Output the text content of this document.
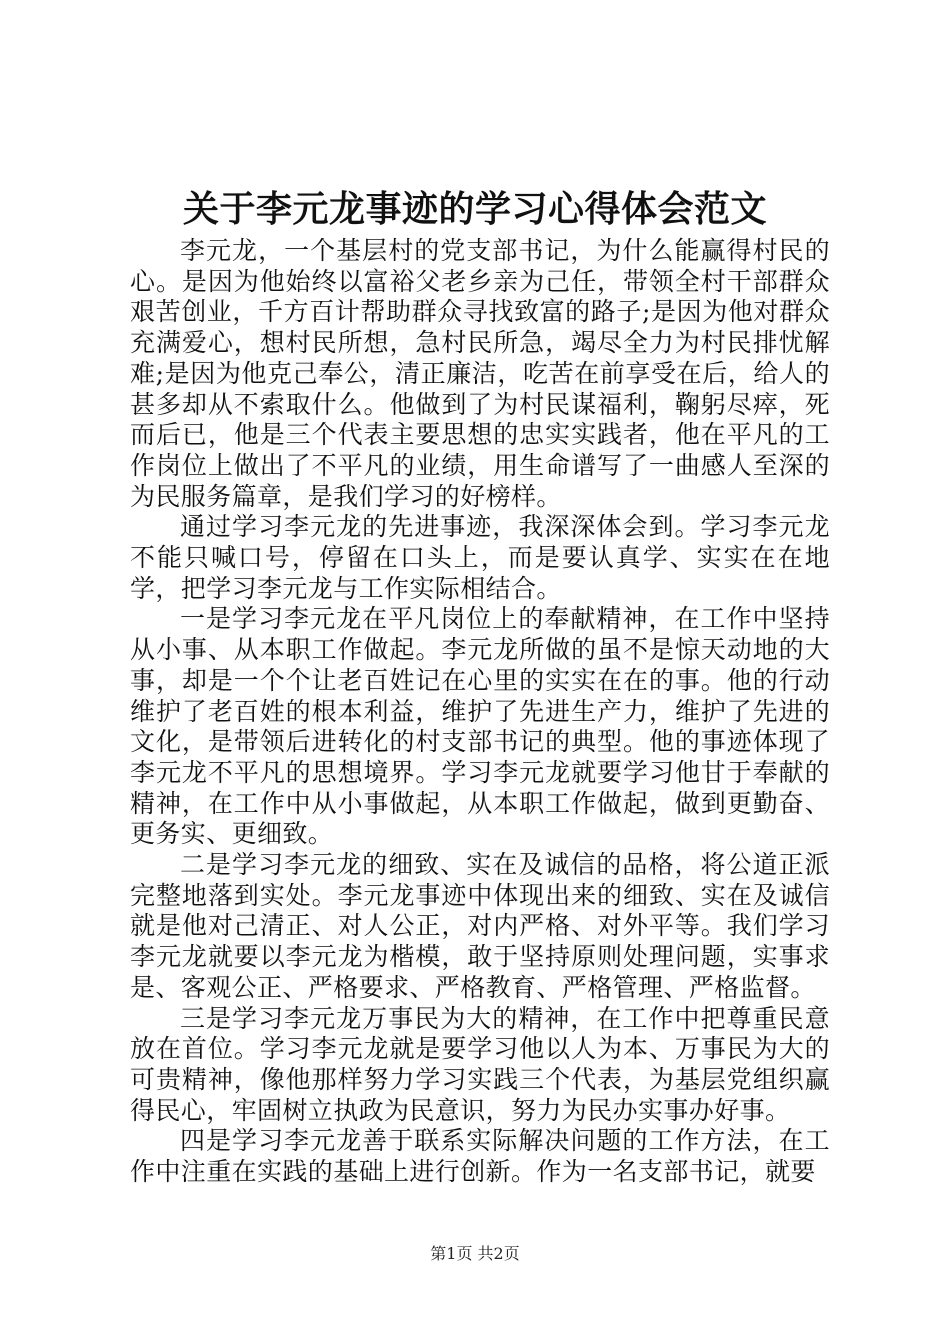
关于李元龙事迹的学习心得体会范文

李元龙，一个基层村的党支部书记，为什么能赢得村民的心。是因为他始终以富裕父老乡亲为己任，带领全村干部群众艰苦创业，千方百计帮助群众寻找致富的路子;是因为他对群众充满爱心，想村民所想，急村民所急，竭尽全力为村民排忧解难;是因为他克己奉公，清正廉洁，吃苦在前享受在后，给人的甚多却从不索取什么。他做到了为村民谋福利，鞠躬尽瘁，死而后已，他是三个代表主要思想的忠实实践者，他在平凡的工作岗位上做出了不平凡的业绩，用生命谱写了一曲感人至深的为民服务篇章，是我们学习的好榜样。

通过学习李元龙的先进事迹，我深深体会到。学习李元龙不能只喊口号，停留在口头上，而是要认真学、实实在在地学，把学习李元龙与工作实际相结合。

一是学习李元龙在平凡岗位上的奉献精神，在工作中坚持从小事、从本职工作做起。李元龙所做的虽不是惊天动地的大事，却是一个个让老百姓记在心里的实实在在的事。他的行动维护了老百姓的根本利益，维护了先进生产力，维护了先进的文化，是带领后进转化的村支部书记的典型。他的事迹体现了李元龙不平凡的思想境界。学习李元龙就要学习他甘于奉献的精神，在工作中从小事做起，从本职工作做起，做到更勤奋、更务实、更细致。

二是学习李元龙的细致、实在及诚信的品格，将公道正派完整地落到实处。李元龙事迹中体现出来的细致、实在及诚信就是他对己清正、对人公正，对内严格、对外平等。我们学习李元龙就要以李元龙为楷模，敢于坚持原则处理问题，实事求是、客观公正、严格要求、严格教育、严格管理、严格监督。

三是学习李元龙万事民为大的精神，在工作中把尊重民意放在首位。学习李元龙就是要学习他以人为本、万事民为大的可贵精神，像他那样努力学习实践三个代表，为基层党组织赢得民心，牢固树立执政为民意识，努力为民办实事办好事。

四是学习李元龙善于联系实际解决问题的工作方法，在工作中注重在实践的基础上进行创新。作为一名支部书记，就要

第1页 共2页
